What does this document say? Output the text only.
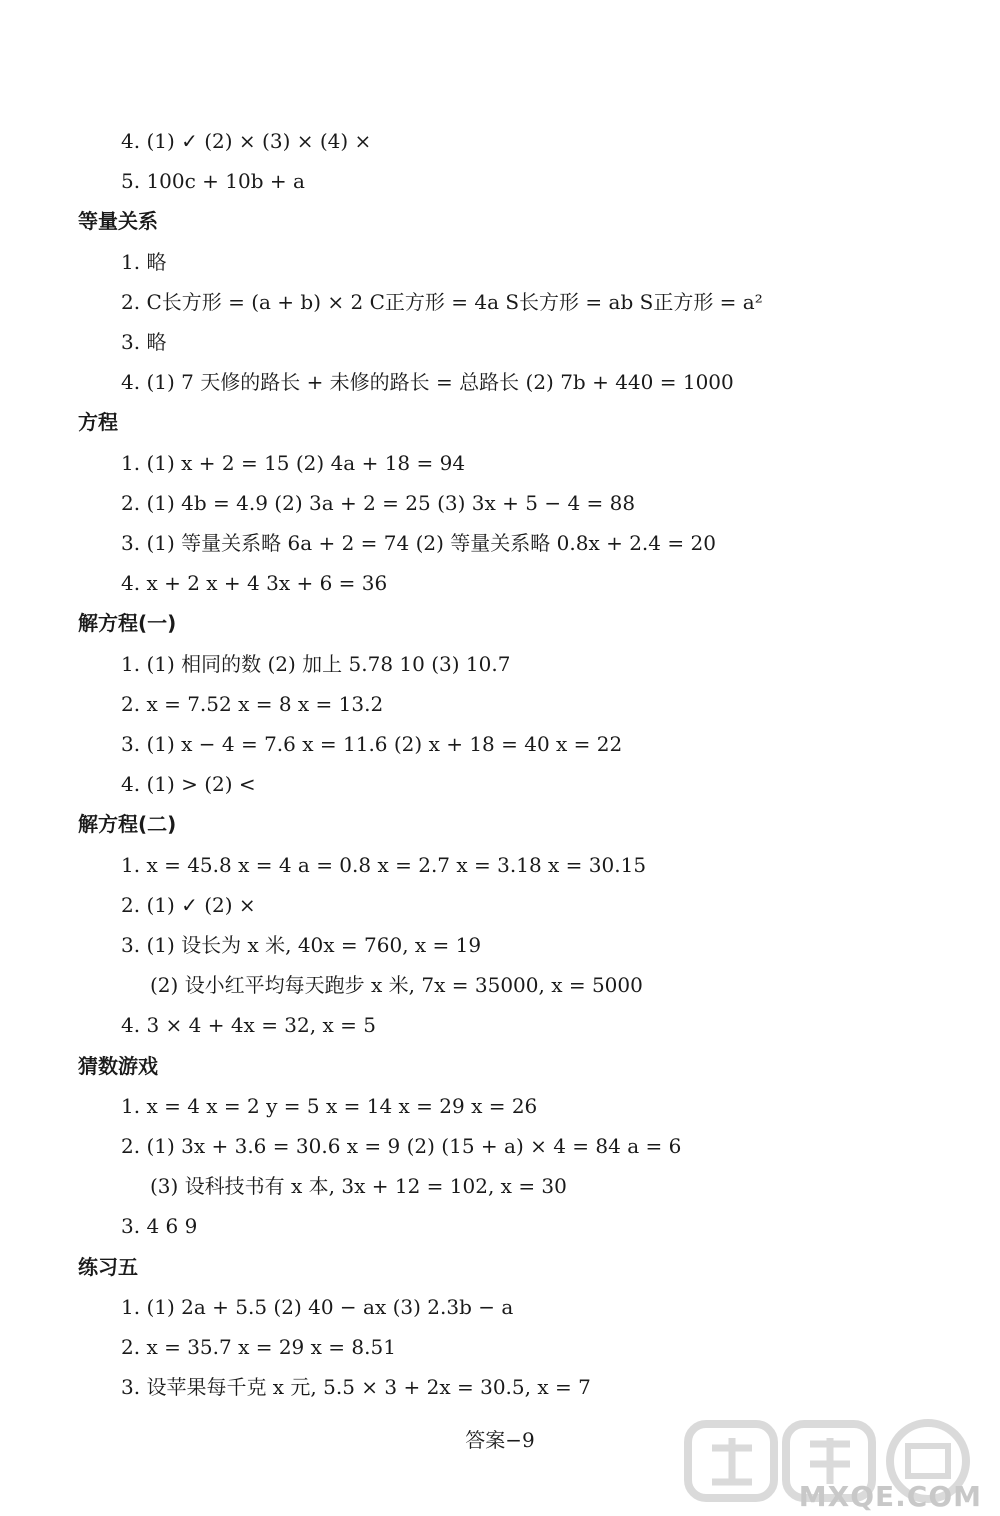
4. (1) ✓ (2) × (3) × (4) ×
5. 100c + 10b + a
等量关系
1. 略
2. C长方形 = (a + b) × 2 C正方形 = 4a S长方形 = ab S正方形 = a²
3. 略
4. (1) 7 天修的路长 + 未修的路长 = 总路长 (2) 7b + 440 = 1000
方程
1. (1) x + 2 = 15 (2) 4a + 18 = 94
2. (1) 4b = 4.9 (2) 3a + 2 = 25 (3) 3x + 5 − 4 = 88
3. (1) 等量关系略 6a + 2 = 74 (2) 等量关系略 0.8x + 2.4 = 20
4. x + 2 x + 4 3x + 6 = 36
解方程(一)
1. (1) 相同的数 (2) 加上 5.78 10 (3) 10.7
2. x = 7.52 x = 8 x = 13.2
3. (1) x − 4 = 7.6 x = 11.6 (2) x + 18 = 40 x = 22
4. (1) > (2) <
解方程(二)
1. x = 45.8 x = 4 a = 0.8 x = 2.7 x = 3.18 x = 30.15
2. (1) ✓ (2) ×
3. (1) 设长为 x 米, 40x = 760, x = 19
(2) 设小红平均每天跑步 x 米, 7x = 35000, x = 5000
4. 3 × 4 + 4x = 32, x = 5
猜数游戏
1. x = 4 x = 2 y = 5 x = 14 x = 29 x = 26
2. (1) 3x + 3.6 = 30.6 x = 9 (2) (15 + a) × 4 = 84 a = 6
(3) 设科技书有 x 本, 3x + 12 = 102, x = 30
3. 4 6 9
练习五
1. (1) 2a + 5.5 (2) 40 − ax (3) 2.3b − a
2. x = 35.7 x = 29 x = 8.51
3. 设苹果每千克 x 元, 5.5 × 3 + 2x = 30.5, x = 7
答案−9
MXQE.COM
